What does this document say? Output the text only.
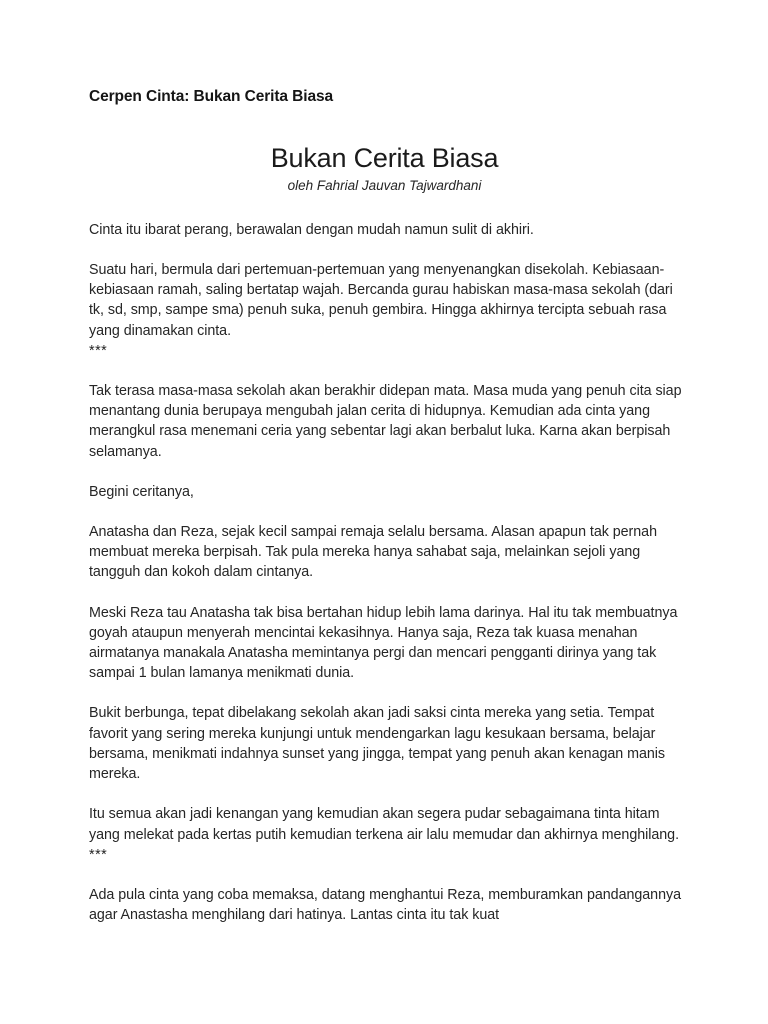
Cerpen Cinta: Bukan Cerita Biasa
Bukan Cerita Biasa
oleh Fahrial Jauvan Tajwardhani
Cinta itu ibarat perang, berawalan dengan mudah namun sulit di akhiri.
Suatu hari, bermula dari pertemuan-pertemuan yang menyenangkan disekolah. Kebiasaan-kebiasaan ramah, saling bertatap wajah. Bercanda gurau habiskan masa-masa sekolah (dari tk, sd, smp, sampe sma) penuh suka, penuh gembira. Hingga akhirnya tercipta sebuah rasa yang dinamakan cinta.
***
Tak terasa masa-masa sekolah akan berakhir didepan mata. Masa muda yang penuh cita siap menantang dunia berupaya mengubah jalan cerita di hidupnya. Kemudian ada cinta yang merangkul rasa menemani ceria yang sebentar lagi akan berbalut luka. Karna akan berpisah selamanya.
Begini ceritanya,
Anatasha dan Reza, sejak kecil sampai remaja selalu bersama. Alasan apapun tak pernah membuat mereka berpisah. Tak pula mereka hanya sahabat saja, melainkan sejoli yang tangguh dan kokoh dalam cintanya.
Meski Reza tau Anatasha tak bisa bertahan hidup lebih lama darinya. Hal itu tak membuatnya goyah ataupun menyerah mencintai kekasihnya. Hanya saja, Reza tak kuasa menahan airmatanya manakala Anatasha memintanya pergi dan mencari pengganti dirinya yang tak sampai 1 bulan lamanya menikmati dunia.
Bukit berbunga, tepat dibelakang sekolah akan jadi saksi cinta mereka yang setia. Tempat favorit yang sering mereka kunjungi untuk mendengarkan lagu kesukaan bersama, belajar bersama, menikmati indahnya sunset yang jingga, tempat yang penuh akan kenagan manis mereka.
Itu semua akan jadi kenangan yang kemudian akan segera pudar sebagaimana tinta hitam yang melekat pada kertas putih kemudian terkena air lalu memudar dan akhirnya menghilang.
***
Ada pula cinta yang coba memaksa, datang menghantui Reza, memburamkan pandangannya agar Anastasha menghilang dari hatinya. Lantas cinta itu tak kuat
